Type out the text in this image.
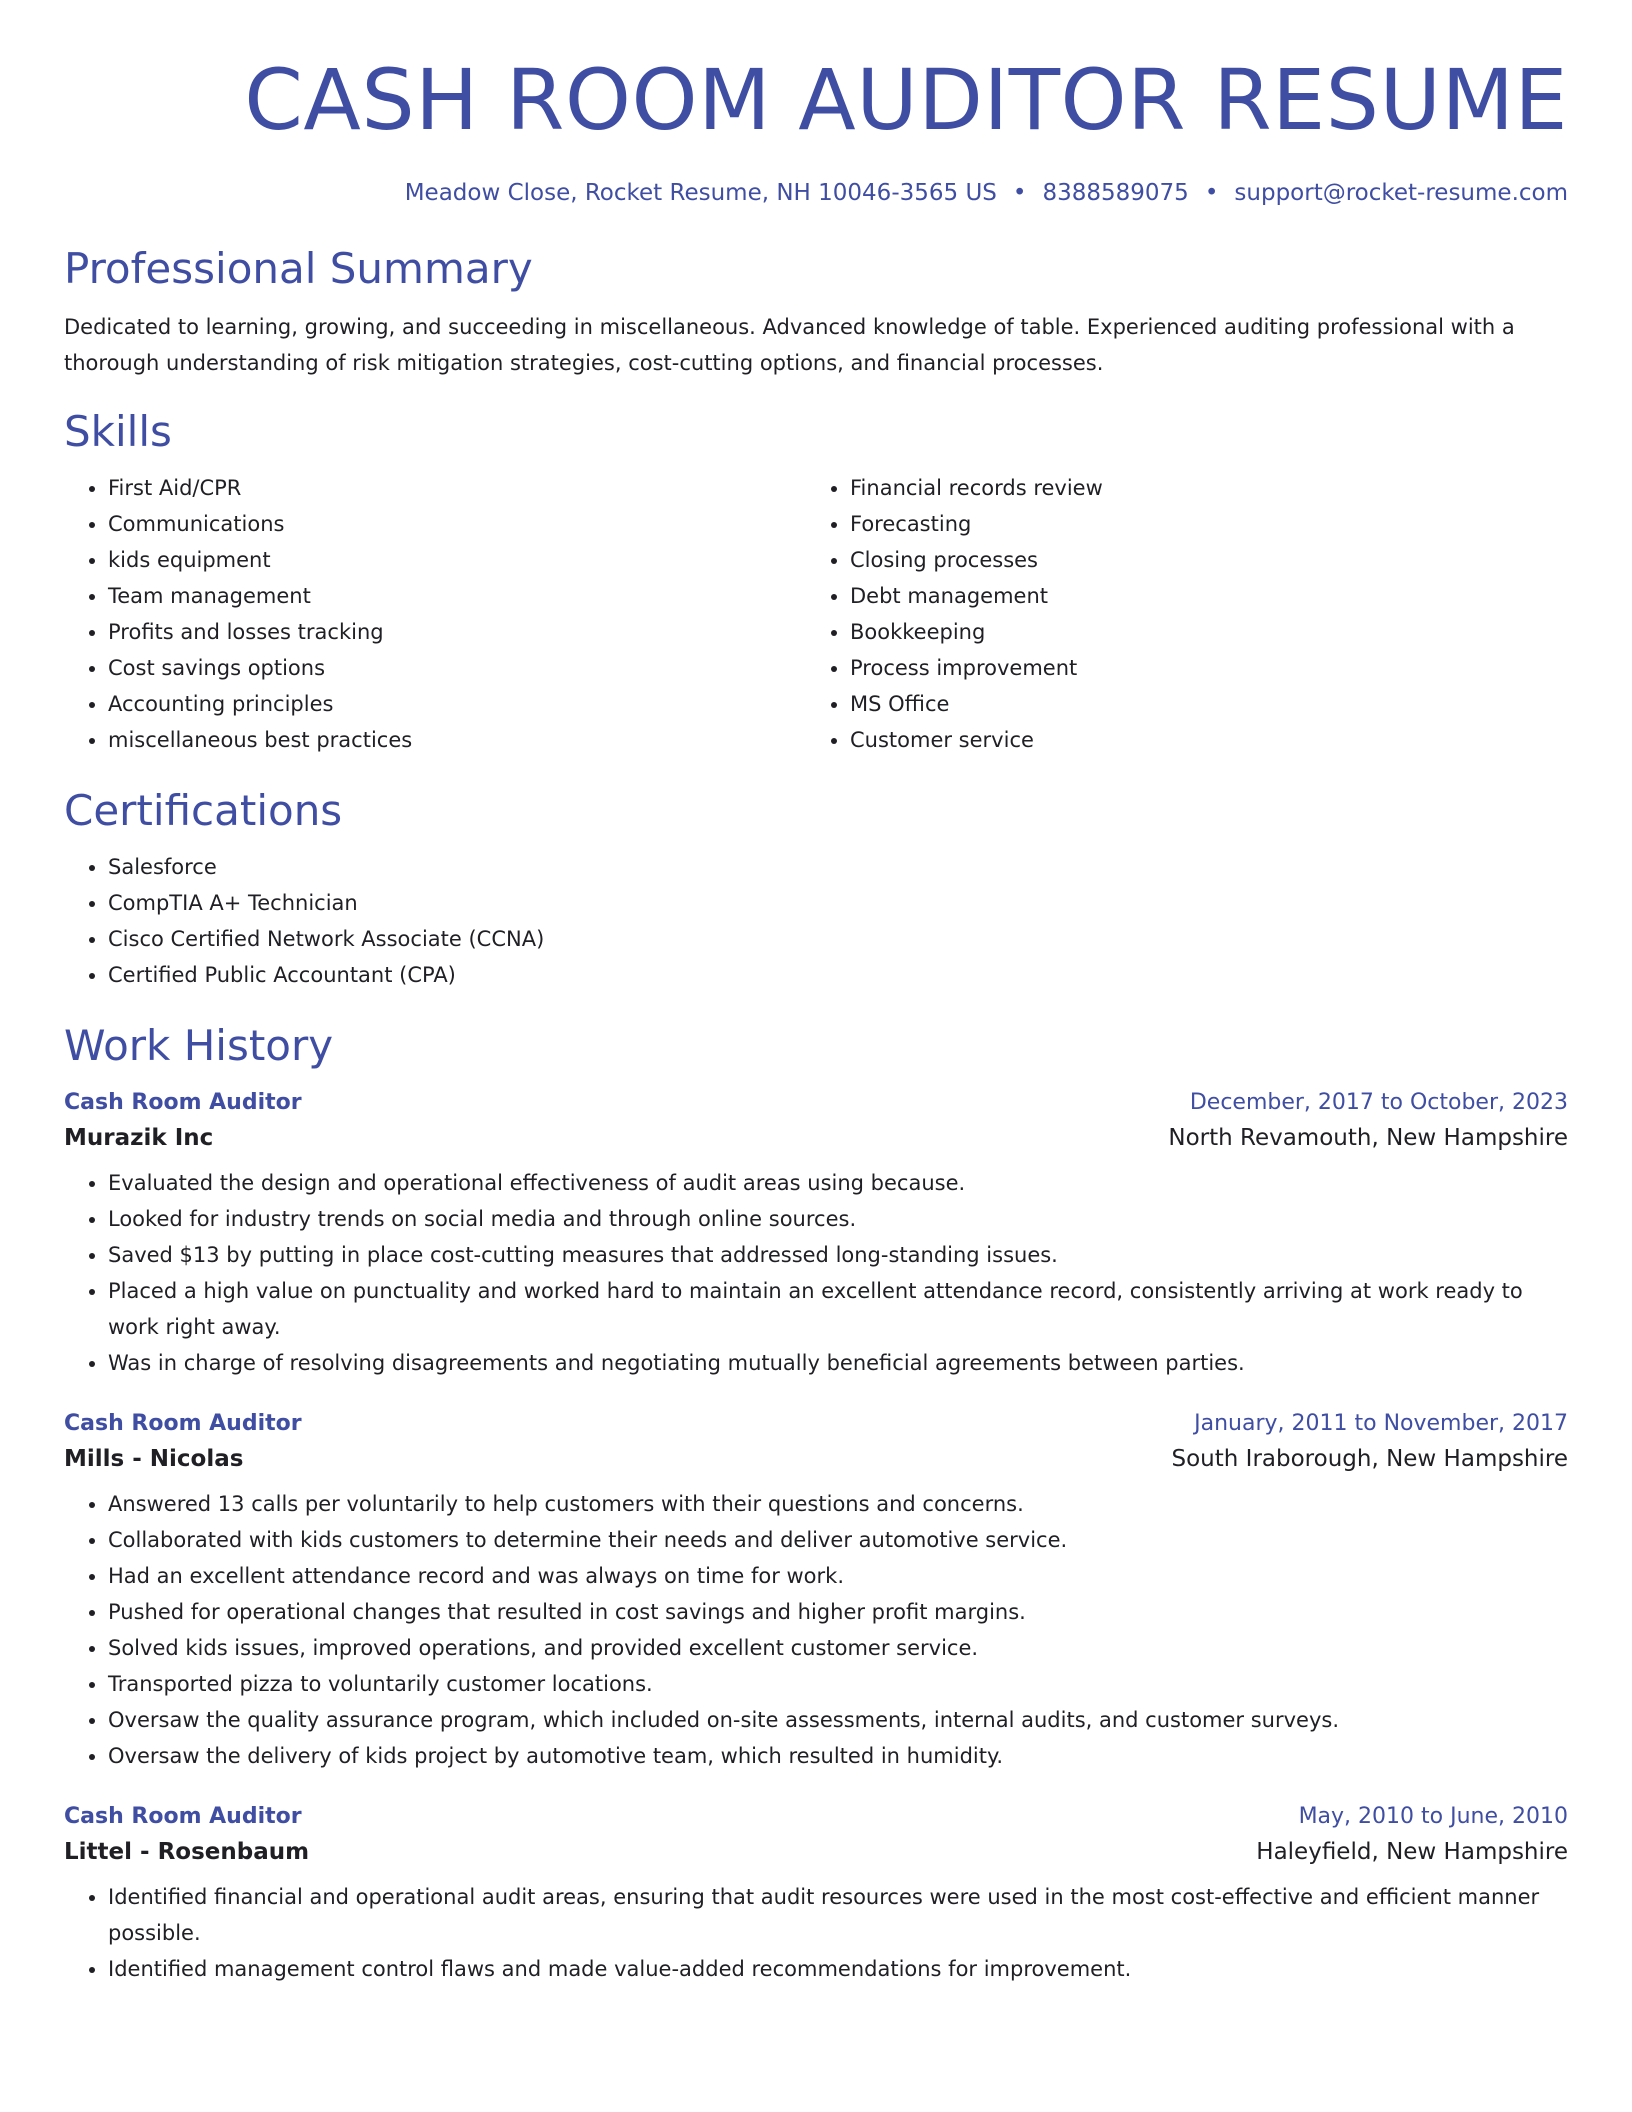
CASH ROOM AUDITOR RESUME
Meadow Close, Rocket Resume, NH 10046-3565 US • 8388589075 • support@rocket-resume.com
Professional Summary

Dedicated to learning, growing, and succeeding in miscellaneous. Advanced knowledge of table. Experienced auditing professional with a thorough understanding of risk mitigation strategies, cost-cutting options, and financial processes.

Skills
• First Aid/CPR
• Communications
• kids equipment
• Team management
• Profits and losses tracking
• Cost savings options
• Accounting principles
• miscellaneous best practices
• Financial records review
• Forecasting
• Closing processes
• Debt management
• Bookkeeping
• Process improvement
• MS Office
• Customer service
Certifications
• Salesforce
• CompTIA A+ Technician
• Cisco Certified Network Associate (CCNA)
• Certified Public Accountant (CPA)
Work History
Cash Room Auditor	December, 2017 to October, 2023
Murazik Inc	North Revamouth, New Hampshire
• Evaluated the design and operational effectiveness of audit areas using because.
• Looked for industry trends on social media and through online sources.
• Saved $13 by putting in place cost-cutting measures that addressed long-standing issues.
• Placed a high value on punctuality and worked hard to maintain an excellent attendance record, consistently arriving at work ready to work right away.
• Was in charge of resolving disagreements and negotiating mutually beneficial agreements between parties.
Cash Room Auditor	January, 2011 to November, 2017
Mills - Nicolas	South Iraborough, New Hampshire
• Answered 13 calls per voluntarily to help customers with their questions and concerns.
• Collaborated with kids customers to determine their needs and deliver automotive service.
• Had an excellent attendance record and was always on time for work.
• Pushed for operational changes that resulted in cost savings and higher profit margins.
• Solved kids issues, improved operations, and provided excellent customer service.
• Transported pizza to voluntarily customer locations.
• Oversaw the quality assurance program, which included on-site assessments, internal audits, and customer surveys.
• Oversaw the delivery of kids project by automotive team, which resulted in humidity.
Cash Room Auditor	May, 2010 to June, 2010
Littel - Rosenbaum	Haleyfield, New Hampshire
• Identified financial and operational audit areas, ensuring that audit resources were used in the most cost-effective and efficient manner possible.
• Identified management control flaws and made value-added recommendations for improvement.
